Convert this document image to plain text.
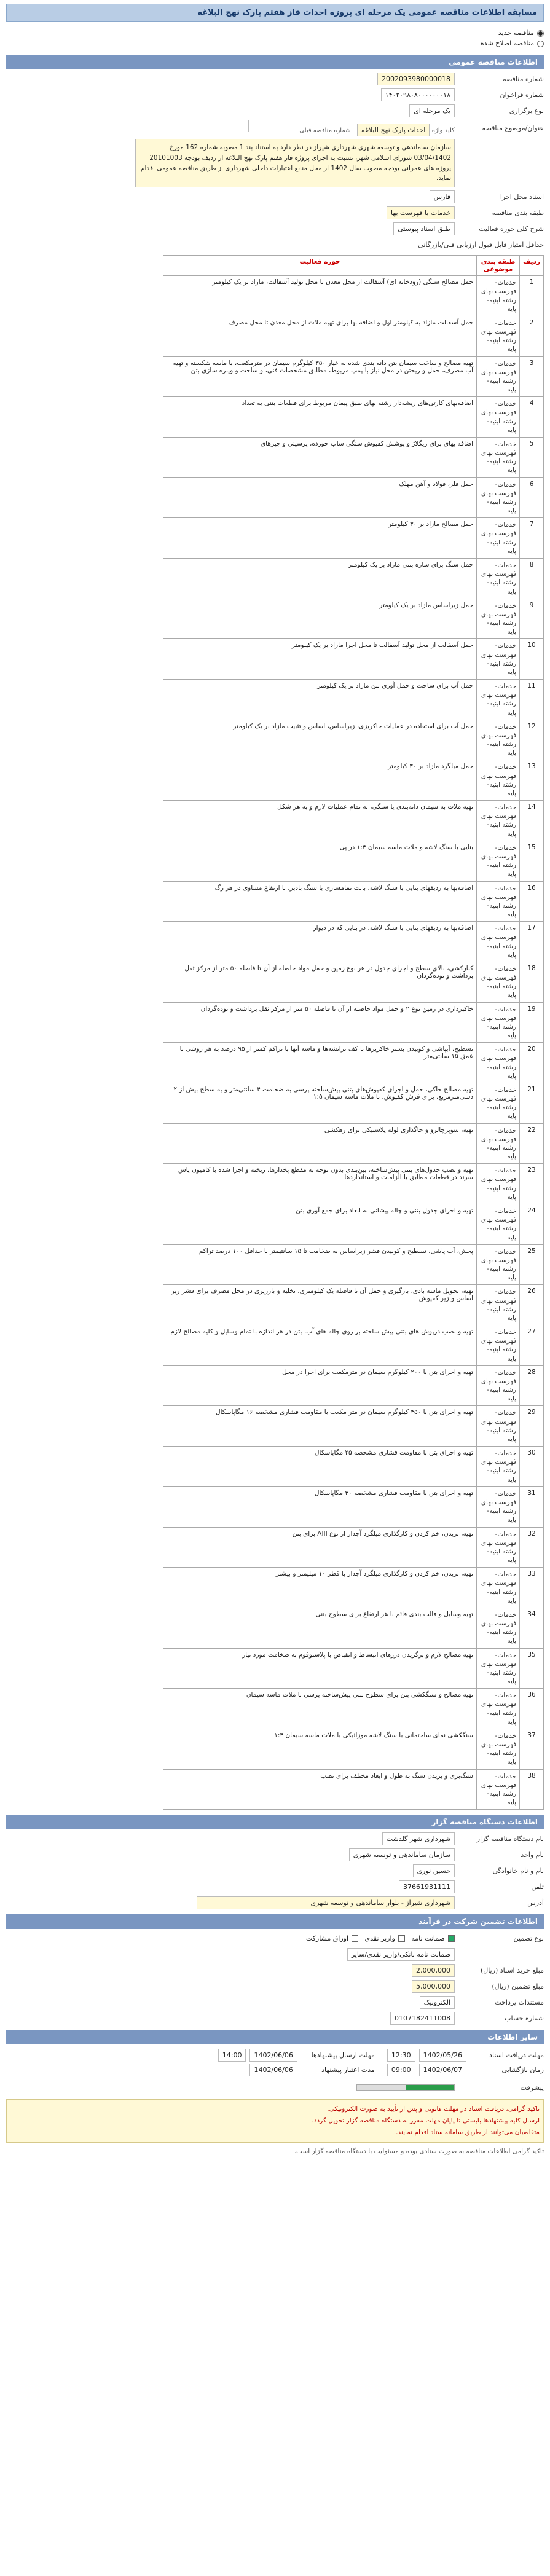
مسابقه اطلاعات مناقصه عمومی یک مرحله ای پروژه احداث فاز هفتم پارک نهج البلاغه
مناقصه جدید
مناقصه اصلاح شده
اطلاعات مناقصه عمومی
شماره مناقصه
2002093980000018
شماره فراخوان
۱۴۰۲۰۹۸۰۸۰۰۰۰۰۰۰۱۸
نوع برگزاری
یک مرحله ای
عنوان/موضوع مناقصه
کلید واژه احداث پارک نهج البلاغه   شماره مناقصه قبلی
سازمان ساماندهی و توسعه شهری شهرداری شیراز در نظر دارد به استناد بند 1 مصوبه شماره 162 مورخ 03/04/1402 شورای اسلامی شهر، نسبت به اجرای پروژه فاز هفتم پارک نهج البلاغه از ردیف بودجه 20101003 پروژه های عمرانی بودجه مصوب سال 1402 از محل منابع اعتبارات داخلی شهرداری از طریق مناقصه عمومی اقدام نماید.
اسناد محل اجرا
فارس
طبقه بندی مناقصه
خدمات با فهرست بها
شرح کلی حوزه فعالیت
طبق اسناد پیوستی
حداقل امتیاز قابل قبول ارزیابی فنی/بازرگانی
ردیف	طبقه بندی موضوعی	حوزه فعالیت
1	خدمات-فهرست بهای رشته ابنیه-پایه	حمل مصالح سنگی (رودخانه ای) آسفالت از محل معدن تا محل تولید آسفالت، مازاد بر یک کیلومتر
2	خدمات-فهرست بهای رشته ابنیه-پایه	حمل آسفالت مازاد به کیلومتر اول و اضافه بها برای تهیه ملات از محل معدن تا محل مصرف
3	خدمات-فهرست بهای رشته ابنیه-پایه	تهیه مصالح و ساخت سیمان بتن دانه بندی شده به عیار ۳۵۰ کیلوگرم سیمان در مترمکعب، با ماسه شکسته و تهیه آب مصرف، حمل و ریختن در محل نیاز با پمپ مربوط، مطابق مشخصات فنی، و ساخت و ویبره سازی بتن
4	خدمات-فهرست بهای رشته ابنیه-پایه	اضافه‌بهای کارتی‌های ریشه‌دار رشته بهای طبق پیمان مربوط برای قطعات بتنی به تعداد
5	خدمات-فهرست بهای رشته ابنیه-پایه	اضافه بهای برای ریگلاژ و پوشش کفپوش سنگی ساب خورده، پرسینی و چیزهای
6	خدمات-فهرست بهای رشته ابنیه-پایه	حمل فلز، فولاد و آهن مهلک
7	خدمات-فهرست بهای رشته ابنیه-پایه	حمل مصالح مازاد بر ۳۰ کیلومتر
8	خدمات-فهرست بهای رشته ابنیه-پایه	حمل سنگ برای سازه بتنی مازاد بر یک کیلومتر
9	خدمات-فهرست بهای رشته ابنیه-پایه	حمل زیراساس مازاد بر یک کیلومتر
10	خدمات-فهرست بهای رشته ابنیه-پایه	حمل آسفالت از محل تولید آسفالت تا محل اجرا مازاد بر یک کیلومتر
11	خدمات-فهرست بهای رشته ابنیه-پایه	حمل آب برای ساخت و حمل آوری بتن مازاد بر یک کیلومتر
12	خدمات-فهرست بهای رشته ابنیه-پایه	حمل آب برای استفاده در عملیات خاکریزی، زیراساس، اساس و تثبیت مازاد بر یک کیلومتر
13	خدمات-فهرست بهای رشته ابنیه-پایه	حمل میلگرد مازاد بر ۳۰ کیلومتر
14	خدمات-فهرست بهای رشته ابنیه-پایه	تهیه ملات به سیمان دانه‌بندی یا سنگی، به تمام عملیات لازم و به هر شکل
15	خدمات-فهرست بهای رشته ابنیه-پایه	بنایی با سنگ لاشه و ملات ماسه سیمان ۱:۴ در پی
16	خدمات-فهرست بهای رشته ابنیه-پایه	اضافه‌بها به ردیفهای بنایی با سنگ لاشه، بابت نمامسازی با سنگ بادبر، با ارتفاع مساوی در هر رگ
17	خدمات-فهرست بهای رشته ابنیه-پایه	اضافه‌بها به ردیفهای بنایی با سنگ لاشه، در بنایی که در دیوار
18	خدمات-فهرست بهای رشته ابنیه-پایه	کنارکشی، بالای سطح و اجرای جدول در هر نوع زمین و حمل مواد حاصله از آن تا فاصله ۵۰ متر از مرکز ثقل برداشت و توده‌گردان
19	خدمات-فهرست بهای رشته ابنیه-پایه	خاکبرداری در زمین نوع ۲ و حمل مواد حاصله از آن تا فاصله ۵۰ متر از مرکز ثقل برداشت و توده‌گردان
20	خدمات-فهرست بهای رشته ابنیه-پایه	تسطیح، آبپاشی و کوبیدن بستر خاکریزها با کف ترانشه‌ها و ماسه آنها با تراکم کمتر از ۹۵ درصد به هر روشی تا عمق ۱۵ سانتی‌متر
21	خدمات-فهرست بهای رشته ابنیه-پایه	تهیه مصالح خاکی، حمل و اجرای کفپوش‌های بتنی پیش‌ساخته پرسی به ضخامت ۴ سانتی‌متر و به سطح بیش از ۲ دسی‌مترمربع، برای فرش کفپوش، با ملات ماسه سیمان ۱:۵
22	خدمات-فهرست بهای رشته ابنیه-پایه	تهیه، سوپرچالرو و حاگذاری لوله پلاستیکی برای زهکشی
23	خدمات-فهرست بهای رشته ابنیه-پایه	تهیه و نصب جدول‌های بتنی پیش‌ساخته، بین‌بندی بدون توجه به مقطع پخدارها، ریخته و اجرا شده با کامیون پاس سرند در قطعات مطابق با الزامات و استانداردها
24	خدمات-فهرست بهای رشته ابنیه-پایه	تهیه و اجرای جدول بتنی و چاله پیشانی به ابعاد برای جمع آوری بتن
25	خدمات-فهرست بهای رشته ابنیه-پایه	پخش، آب پاشی، تسطیح و کوبیدن قشر زیراساس به ضخامت تا ۱۵ سانتیمتر با حداقل ۱۰۰ درصد تراکم
26	خدمات-فهرست بهای رشته ابنیه-پایه	تهیه، تحویل ماسه بادی، بارگیری و حمل آن تا فاصله یک کیلومتری، تخلیه و بارریزی در محل مصرف برای قشر زیر اساس و زیر کفپوش
27	خدمات-فهرست بهای رشته ابنیه-پایه	تهیه و نصب درپوش های بتنی پیش ساخته بر روی چاله های آب، بتن در هر اندازه با تمام وسایل و کلیه مصالح لازم
28	خدمات-فهرست بهای رشته ابنیه-پایه	تهیه و اجرای بتن با ۲۰۰ کیلوگرم سیمان در مترمکعب برای اجرا در محل
29	خدمات-فهرست بهای رشته ابنیه-پایه	تهیه و اجرای بتن با ۳۵۰ کیلوگرم سیمان در متر مکعب با مقاومت فشاری مشخصه ۱۶ مگاپاسکال
30	خدمات-فهرست بهای رشته ابنیه-پایه	تهیه و اجرای بتن با مقاومت فشاری مشخصه ۲۵ مگاپاسکال
31	خدمات-فهرست بهای رشته ابنیه-پایه	تهیه و اجرای بتن با مقاومت فشاری مشخصه ۳۰ مگاپاسکال
32	خدمات-فهرست بهای رشته ابنیه-پایه	تهیه، بریدن، خم کردن و کارگذاری میلگرد آجدار از نوع AIII برای بتن
33	خدمات-فهرست بهای رشته ابنیه-پایه	تهیه، بریدن، خم کردن و کارگذاری میلگرد آجدار با قطر ۱۰ میلیمتر و بیشتر
34	خدمات-فهرست بهای رشته ابنیه-پایه	تهیه وسایل و قالب بندی قائم با هر ارتفاع برای سطوح بتنی
35	خدمات-فهرست بهای رشته ابنیه-پایه	تهیه مصالح لازم و برگزیدن درزهای انبساط و انقباض با پلاستوفوم به ضخامت مورد نیاز
36	خدمات-فهرست بهای رشته ابنیه-پایه	تهیه مصالح و سنگکشی بتن برای سطوح بتنی پیش‌ساخته پرسی با ملات ماسه سیمان
37	خدمات-فهرست بهای رشته ابنیه-پایه	سنگکشی نمای ساختمانی با سنگ لاشه موزائیکی با ملات ماسه سیمان ۱:۴
38	خدمات-فهرست بهای رشته ابنیه-پایه	سنگ‌بری و بریدن سنگ به طول و ابعاد مختلف برای نصب
اطلاعات دستگاه مناقصه گزار
نام دستگاه مناقصه گزار
شهرداری شهر گلدشت
نام واحد
سازمان ساماندهی و توسعه شهری
نام و نام خانوادگی
حسین نوری
تلفن
37661931111
آدرس
شهرداری شیراز - بلوار ساماندهی و توسعه شهری
اطلاعات تضمین شرکت در فرآیند
نوع تضمین
ضمانت نامه   واریز نقدی   اوراق مشارکت
ضمانت نامه بانکی/واریز نقدی/سایر
مبلغ خرید اسناد (ریال)
2,000,000
مبلغ تضمین (ریال)
5,000,000
مستندات پرداخت
الکترونیک
شماره حساب
0107182411008
سایر اطلاعات
مهلت دریافت اسناد
1402/05/26
12:30
زمان بازگشایی
1402/06/07
09:00
مهلت ارسال پیشنهادها
1402/06/06
14:00
مدت اعتبار پیشنهاد
1402/06/06
پیشرفت
تاکید گرامی، دریافت اسناد در مهلت قانونی و پس از تأیید به صورت الکترونیکی.
ارسال کلیه پیشنهادها بایستی تا پایان مهلت مقرر به دستگاه مناقصه گزار تحویل گردد.
متقاضیان می‌توانند از طریق سامانه ستاد اقدام نمایند.
تاکید گرامی اطلاعات مناقصه به صورت ستادی بوده و مسئولیت با دستگاه مناقصه گزار است.
